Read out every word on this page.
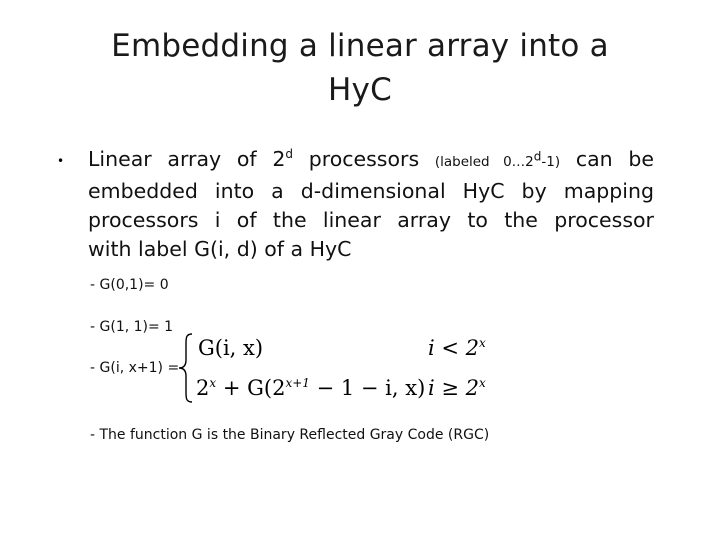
Embedding a linear array into a
HyC
• Linear array of 2$^d$ processors (labeled 0…2$^d$-1) can be
embedded into a d-dimensional HyC by mapping
processors i of the linear array to the processor
with label G(i, d) of a HyC
- G(0,1)= 0
- G(1, 1)= 1
- G(i, x+1) =
G(i, x)	$i < 2^x$
$2^x + G(2^{x+1} - 1 - i$, x) $i \ge 2^x$
- The function G is the Binary Reflected Gray Code (RGC)
